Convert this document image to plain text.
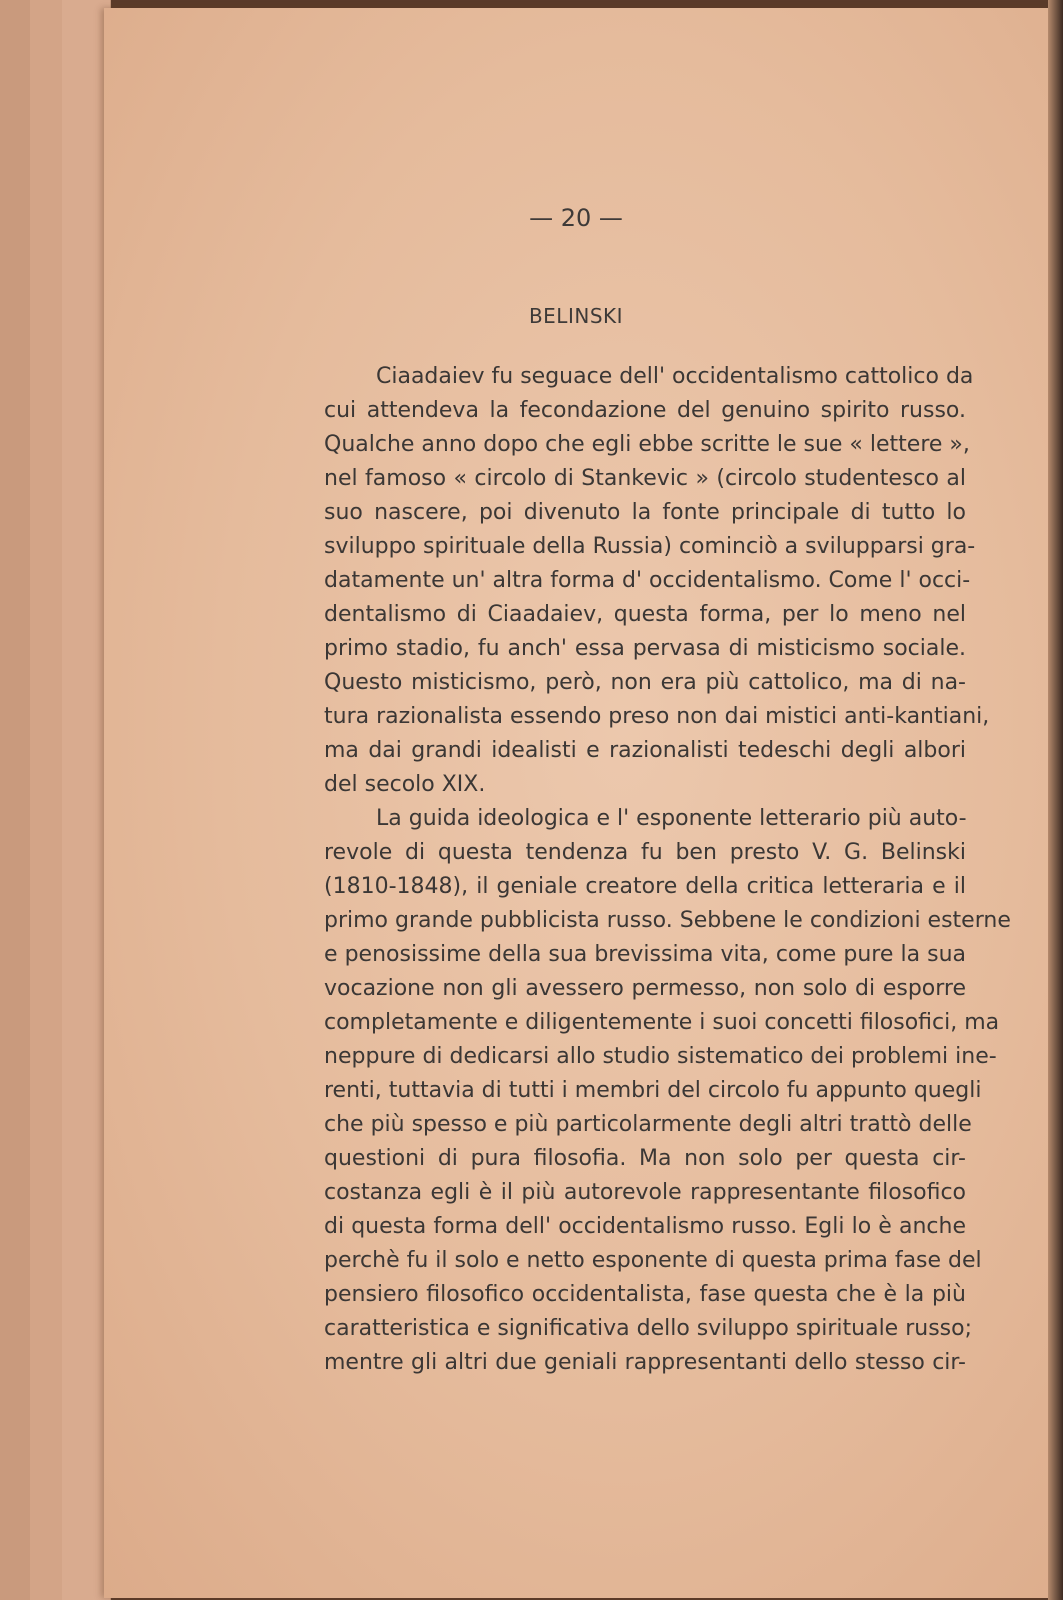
— 20 —
BELINSKI
Ciaadaiev fu seguace dell' occidentalismo cattolico da
cui attendeva la fecondazione del genuino spirito russo.
Qualche anno dopo che egli ebbe scritte le sue « lettere »,
nel famoso « circolo di Stankevic » (circolo studentesco al
suo nascere, poi divenuto la fonte principale di tutto lo
sviluppo spirituale della Russia) cominciò a svilupparsi gra-
datamente un' altra forma d' occidentalismo. Come l' occi-
dentalismo di Ciaadaiev, questa forma, per lo meno nel
primo stadio, fu anch' essa pervasa di misticismo sociale.
Questo misticismo, però, non era più cattolico, ma di na-
tura razionalista essendo preso non dai mistici anti-kantiani,
ma dai grandi idealisti e razionalisti tedeschi degli albori
del secolo XIX.
La guida ideologica e l' esponente letterario più auto-
revole di questa tendenza fu ben presto V. G. Belinski
(1810-1848), il geniale creatore della critica letteraria e il
primo grande pubblicista russo. Sebbene le condizioni esterne
e penosissime della sua brevissima vita, come pure la sua
vocazione non gli avessero permesso, non solo di esporre
completamente e diligentemente i suoi concetti filosofici, ma
neppure di dedicarsi allo studio sistematico dei problemi ine-
renti, tuttavia di tutti i membri del circolo fu appunto quegli
che più spesso e più particolarmente degli altri trattò delle
questioni di pura filosofia. Ma non solo per questa cir-
costanza egli è il più autorevole rappresentante filosofico
di questa forma dell' occidentalismo russo. Egli lo è anche
perchè fu il solo e netto esponente di questa prima fase del
pensiero filosofico occidentalista, fase questa che è la più
caratteristica e significativa dello sviluppo spirituale russo;
mentre gli altri due geniali rappresentanti dello stesso cir-
